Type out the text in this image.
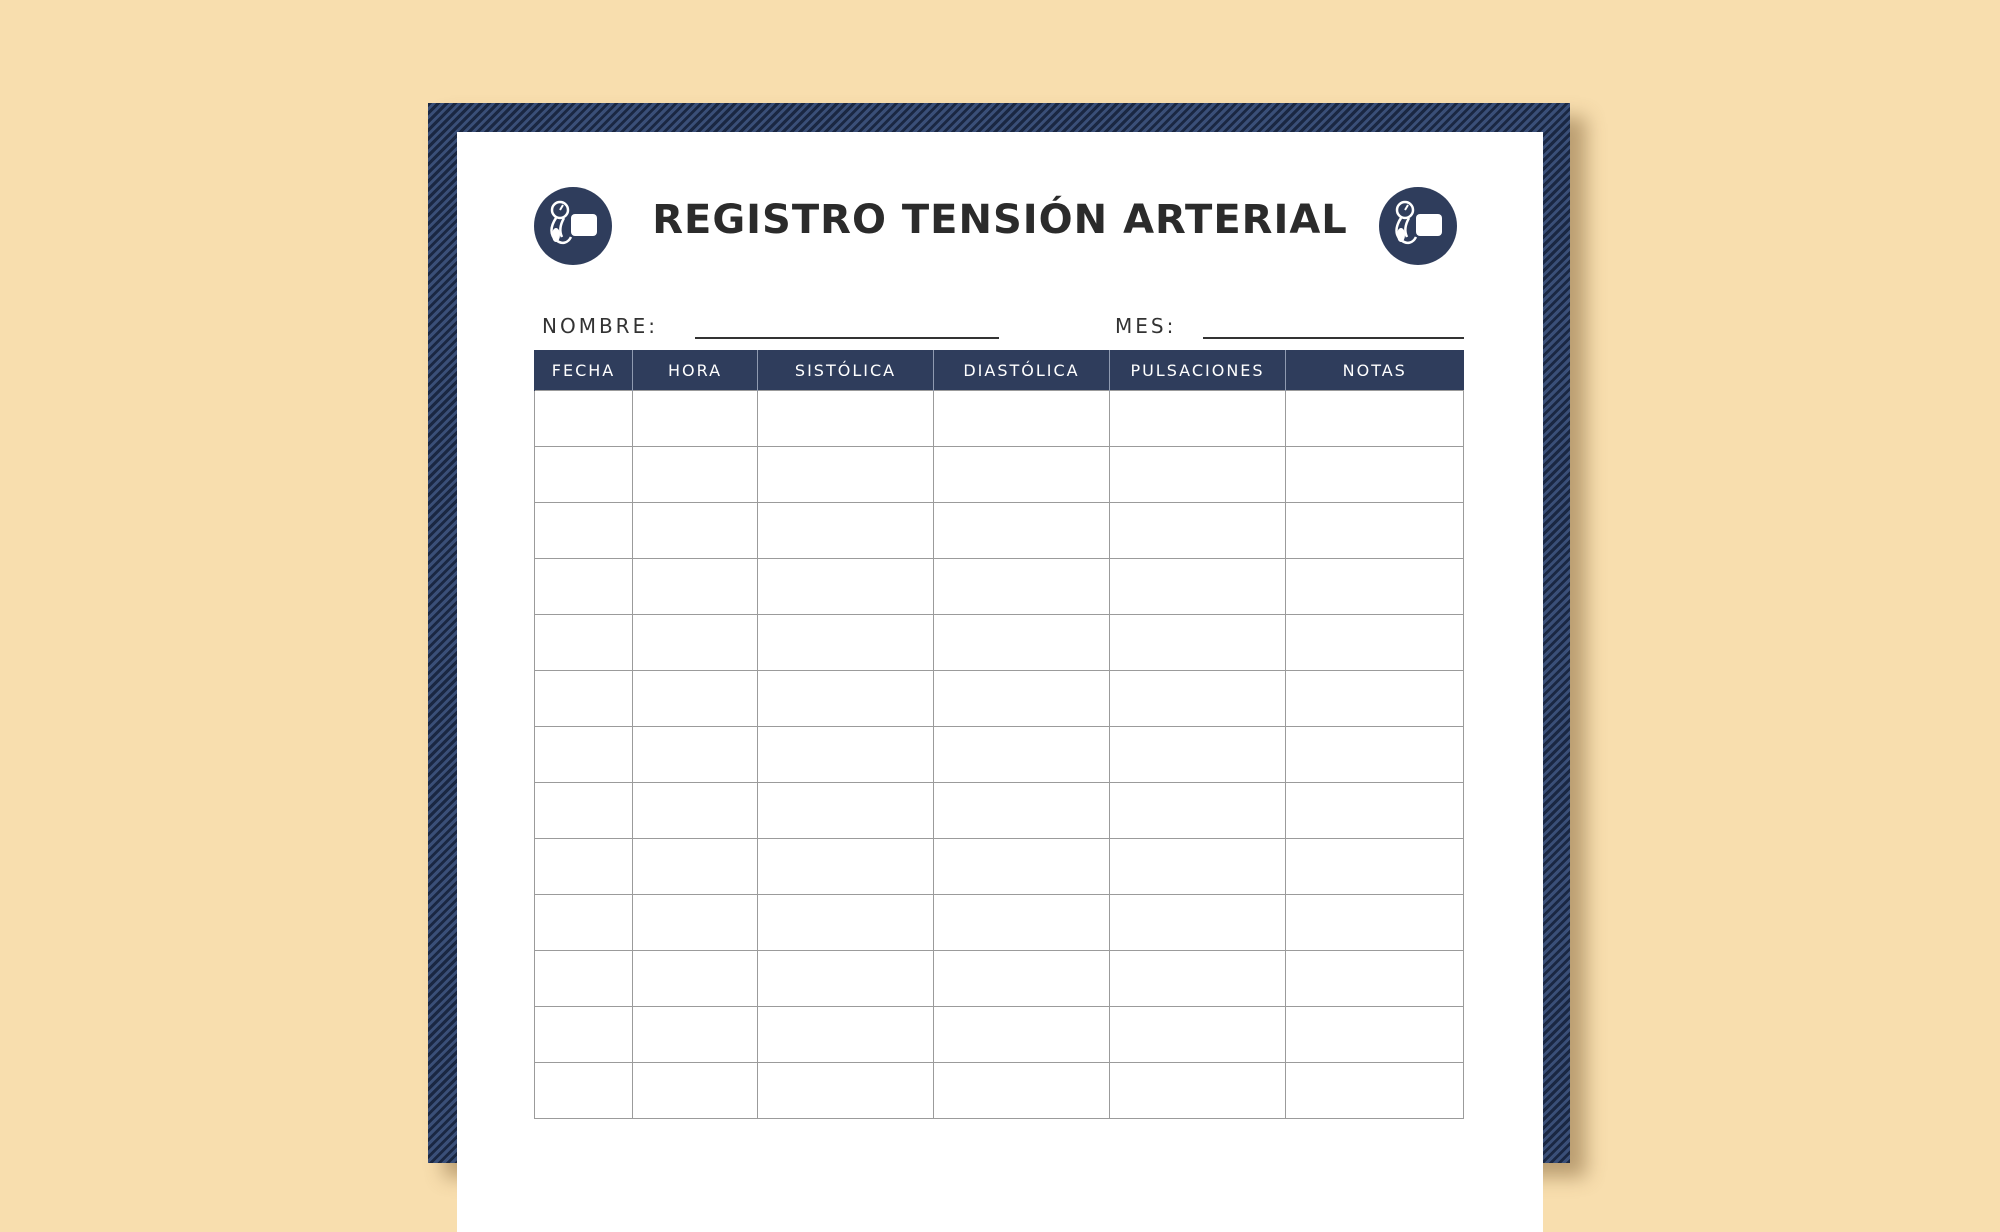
REGISTRO TENSIÓN ARTERIAL
NOMBRE:	MES:
FECHA	HORA	SISTÓLICA	DIASTÓLICA	PULSACIONES	NOTAS
